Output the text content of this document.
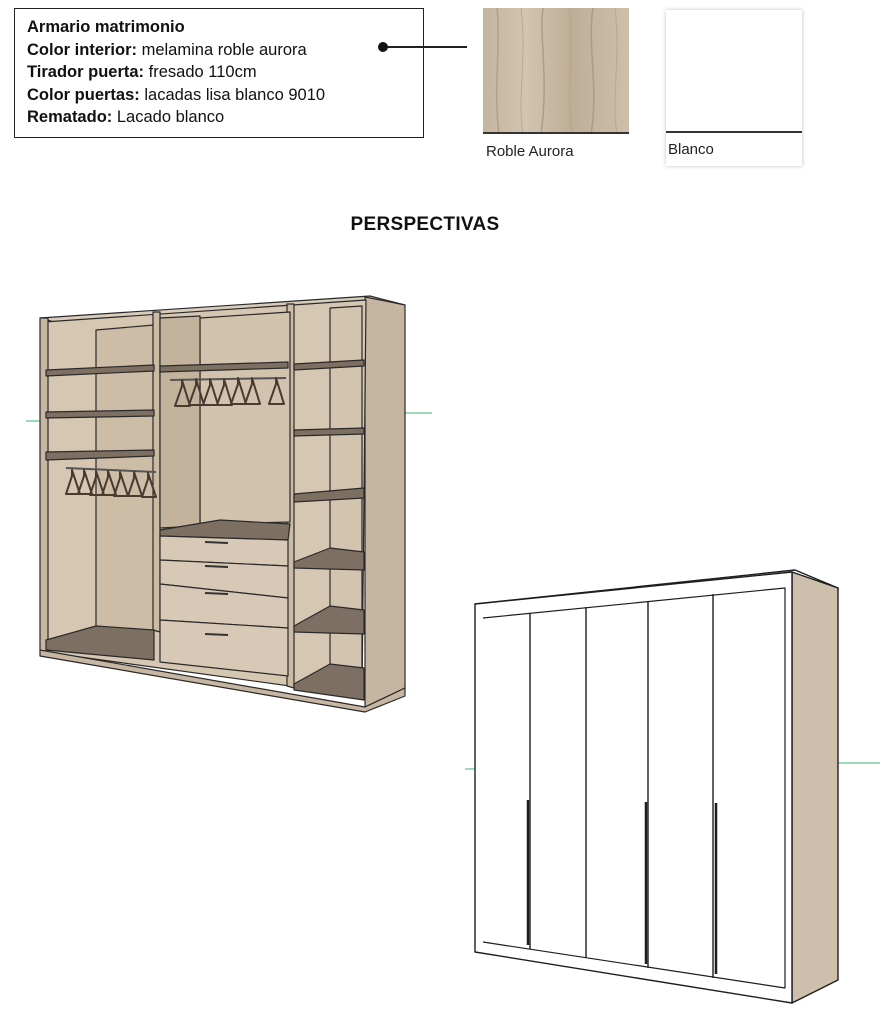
Armario matrimonio
Color interior: melamina roble aurora
Tirador puerta: fresado 110cm
Color puertas: lacadas lisa blanco 9010
Rematado: Lacado blanco
Roble Aurora	Blanco
PERSPECTIVAS
